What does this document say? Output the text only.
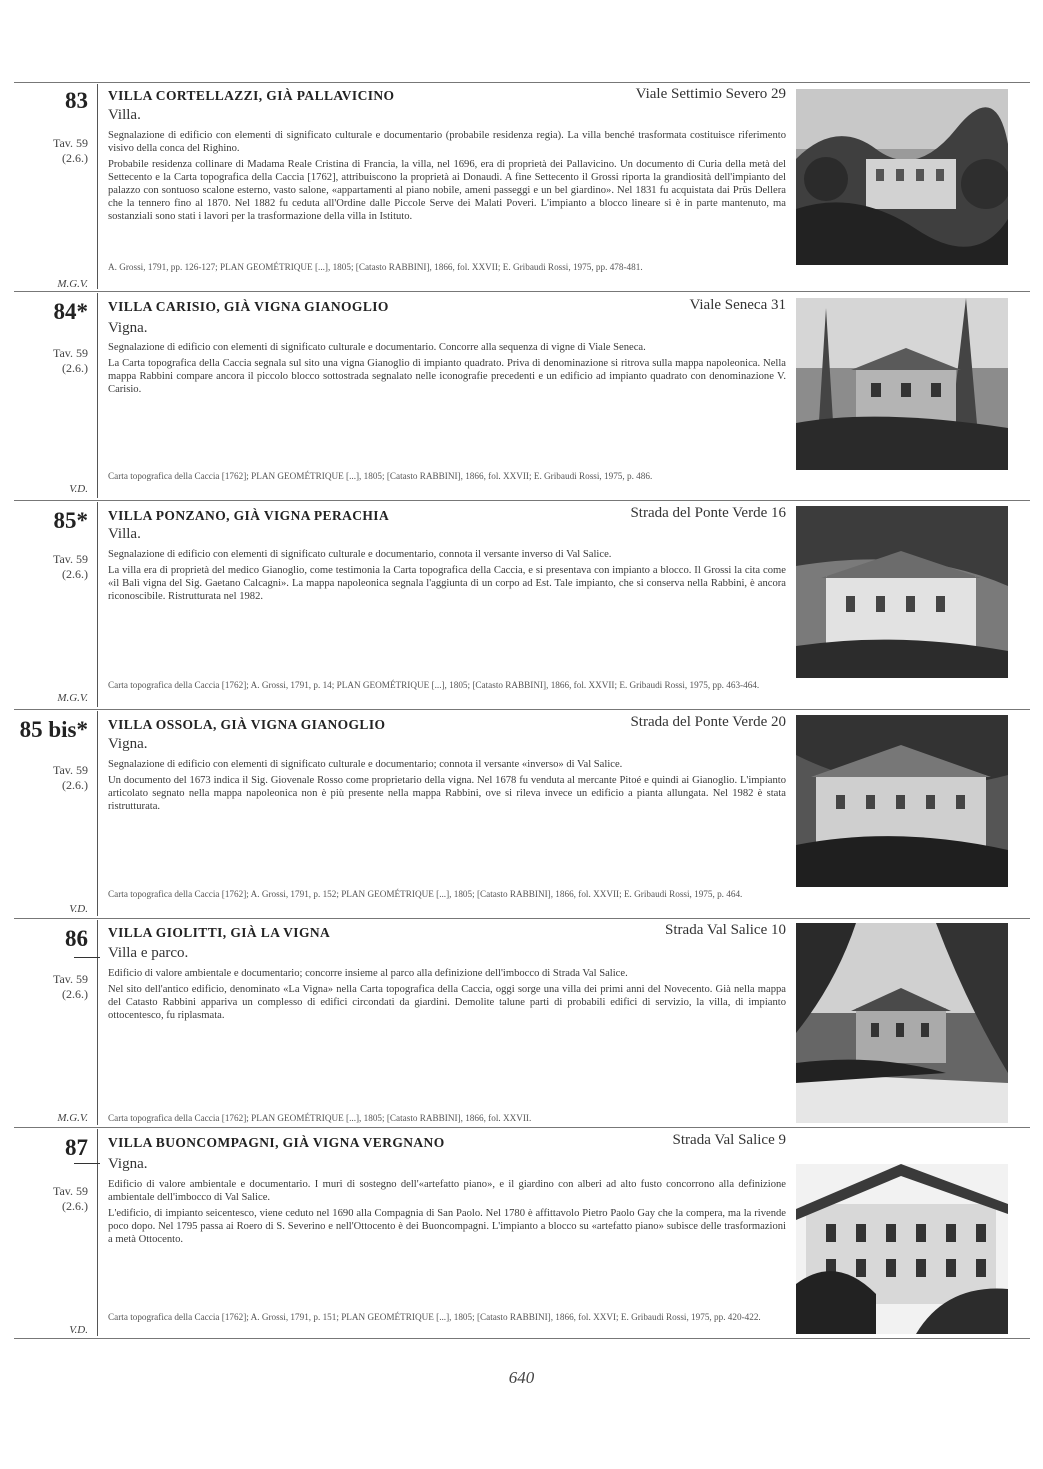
83
Tav. 59
(2.6.)
M.G.V.
VILLA CORTELLAZZI, GIÀ PALLAVICINO	Viale Settimio Severo 29
Villa.

Segnalazione di edificio con elementi di significato culturale e documentario (probabile residenza regia). La villa benché trasformata costituisce riferimento visivo della conca del Righino.

Probabile residenza collinare di Madama Reale Cristina di Francia, la villa, nel 1696, era di proprietà dei Pallavicino. Un documento di Curia della metà del Settecento e la Carta topografica della Caccia [1762], attribuiscono la proprietà ai Donaudi. A fine Settecento il Grossi riporta la grandiosità dell'impianto del palazzo con sontuoso scalone esterno, vasto salone, «appartamenti al piano nobile, ameni passeggi e un bel giardino». Nel 1831 fu acquistata dai Prüs Dellera che la tennero fino al 1870. Nel 1882 fu ceduta all'Ordine dalle Piccole Serve dei Malati Poveri. L'impianto a blocco lineare si è in parte mantenuto, ma sostanziali sono stati i lavori per la trasformazione della villa in Istituto.

A. Grossi, 1791, pp. 126-127; PLAN GEOMÉTRIQUE [...], 1805; [Catasto RABBINI], 1866, fol. XXVII; E. Gribaudi Rossi, 1975, pp. 478-481.
84*
Tav. 59
(2.6.)
V.D.
VILLA CARISIO, GIÀ VIGNA GIANOGLIO	Viale Seneca 31
Vigna.

Segnalazione di edificio con elementi di significato culturale e documentario. Concorre alla sequenza di vigne di Viale Seneca.

La Carta topografica della Caccia segnala sul sito una vigna Gianoglio di impianto quadrato. Priva di denominazione si ritrova sulla mappa napoleonica. Nella mappa Rabbini compare ancora il piccolo blocco sottostrada segnalato nelle iconografie precedenti e un edificio ad impianto quadrato con denominazione V. Carisio.

Carta topografica della Caccia [1762]; PLAN GEOMÉTRIQUE [...], 1805; [Catasto RABBINI], 1866, fol. XXVII; E. Gribaudi Rossi, 1975, p. 486.
85*
Tav. 59
(2.6.)
M.G.V.
VILLA PONZANO, GIÀ VIGNA PERACHIA	Strada del Ponte Verde 16
Villa.

Segnalazione di edificio con elementi di significato culturale e documentario, connota il versante inverso di Val Salice.

La villa era di proprietà del medico Gianoglio, come testimonia la Carta topografica della Caccia, e si presentava con impianto a blocco. Il Grossi la cita come «il Balì vigna del Sig. Gaetano Calcagni». La mappa napoleonica segnala l'aggiunta di un corpo ad Est. Tale impianto, che si conserva nella Rabbini, è ancora riconoscibile. Ristrutturata nel 1982.

Carta topografica della Caccia [1762]; A. Grossi, 1791, p. 14; PLAN GEOMÉTRIQUE [...], 1805; [Catasto RABBINI], 1866, fol. XXVII; E. Gribaudi Rossi, 1975, pp. 463-464.
85 bis*
Tav. 59
(2.6.)
V.D.
VILLA OSSOLA, GIÀ VIGNA GIANOGLIO	Strada del Ponte Verde 20
Vigna.

Segnalazione di edificio con elementi di significato culturale e documentario; connota il versante «inverso» di Val Salice.

Un documento del 1673 indica il Sig. Giovenale Rosso come proprietario della vigna. Nel 1678 fu venduta al mercante Pitoé e quindi ai Gianoglio. L'impianto articolato segnato nella mappa napoleonica non è più presente nella mappa Rabbini, ove si rileva invece un edificio a pianta allungata. Nel 1982 è stata ristrutturata.

Carta topografica della Caccia [1762]; A. Grossi, 1791, p. 152; PLAN GEOMÉTRIQUE [...], 1805; [Catasto RABBINI], 1866, fol. XXVII; E. Gribaudi Rossi, 1975, p. 464.
86
Tav. 59
(2.6.)
M.G.V.
VILLA GIOLITTI, GIÀ LA VIGNA	Strada Val Salice 10
Villa e parco.

Edificio di valore ambientale e documentario; concorre insieme al parco alla definizione dell'imbocco di Strada Val Salice.

Nel sito dell'antico edificio, denominato «La Vigna» nella Carta topografica della Caccia, oggi sorge una villa dei primi anni del Novecento. Già nella mappa del Catasto Rabbini appariva un complesso di edifici circondati da giardini. Demolite talune parti di probabili edifici di servizio, la villa, di impianto ottocentesco, fu riplasmata.

Carta topografica della Caccia [1762]; PLAN GEOMÉTRIQUE [...], 1805; [Catasto RABBINI], 1866, fol. XXVII.
87
Tav. 59
(2.6.)
V.D.
VILLA BUONCOMPAGNI, GIÀ VIGNA VERGNANO	Strada Val Salice 9
Vigna.

Edificio di valore ambientale e documentario. I muri di sostegno dell'«artefatto piano», e il giardino con alberi ad alto fusto concorrono alla definizione ambientale dell'imbocco di Val Salice.

L'edificio, di impianto seicentesco, viene ceduto nel 1690 alla Compagnia di San Paolo. Nel 1780 è affittavolo Pietro Paolo Gay che la compera, ma la rivende poco dopo. Nel 1795 passa ai Roero di S. Severino e nell'Ottocento è dei Buoncompagni. L'impianto a blocco su «artefatto piano» subisce delle trasformazioni a metà Ottocento.

Carta topografica della Caccia [1762]; A. Grossi, 1791, p. 151; PLAN GEOMÉTRIQUE [...], 1805; [Catasto RABBINI], 1866, fol. XXVI; E. Gribaudi Rossi, 1975, pp. 420-422.
640
